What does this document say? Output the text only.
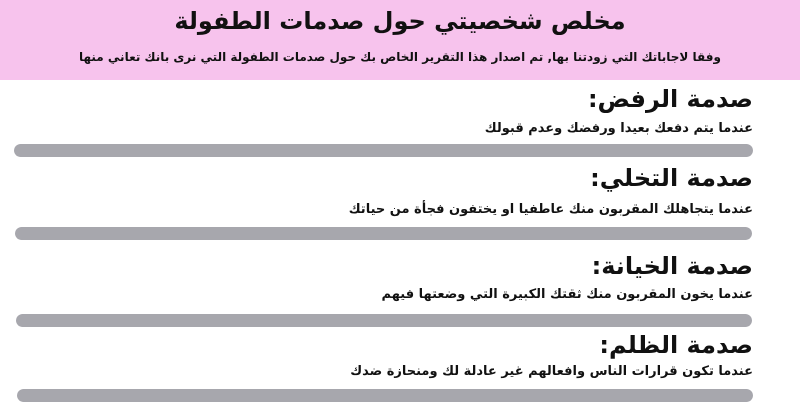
مخلص شخصيتي حول صدمات الطفولة
وفقا لاجاباتك التي زودتنا بها, تم اصدار هذا التقرير الخاص بك حول صدمات الطفولة التي نرى بانك تعاني منها
صدمة الرفض:
عندما يتم دفعك بعيدا ورفضك وعدم قبولك
صدمة التخلي:
عندما يتجاهلك المقربون منك عاطفيا او يختفون فجأة من حياتك
صدمة الخيانة:
عندما يخون المقربون منك ثقتك الكبيرة التي وضعتها فيهم
صدمة الظلم:
عندما تكون قرارات الناس وافعالهم غير عادلة لك ومنحازة ضدك
